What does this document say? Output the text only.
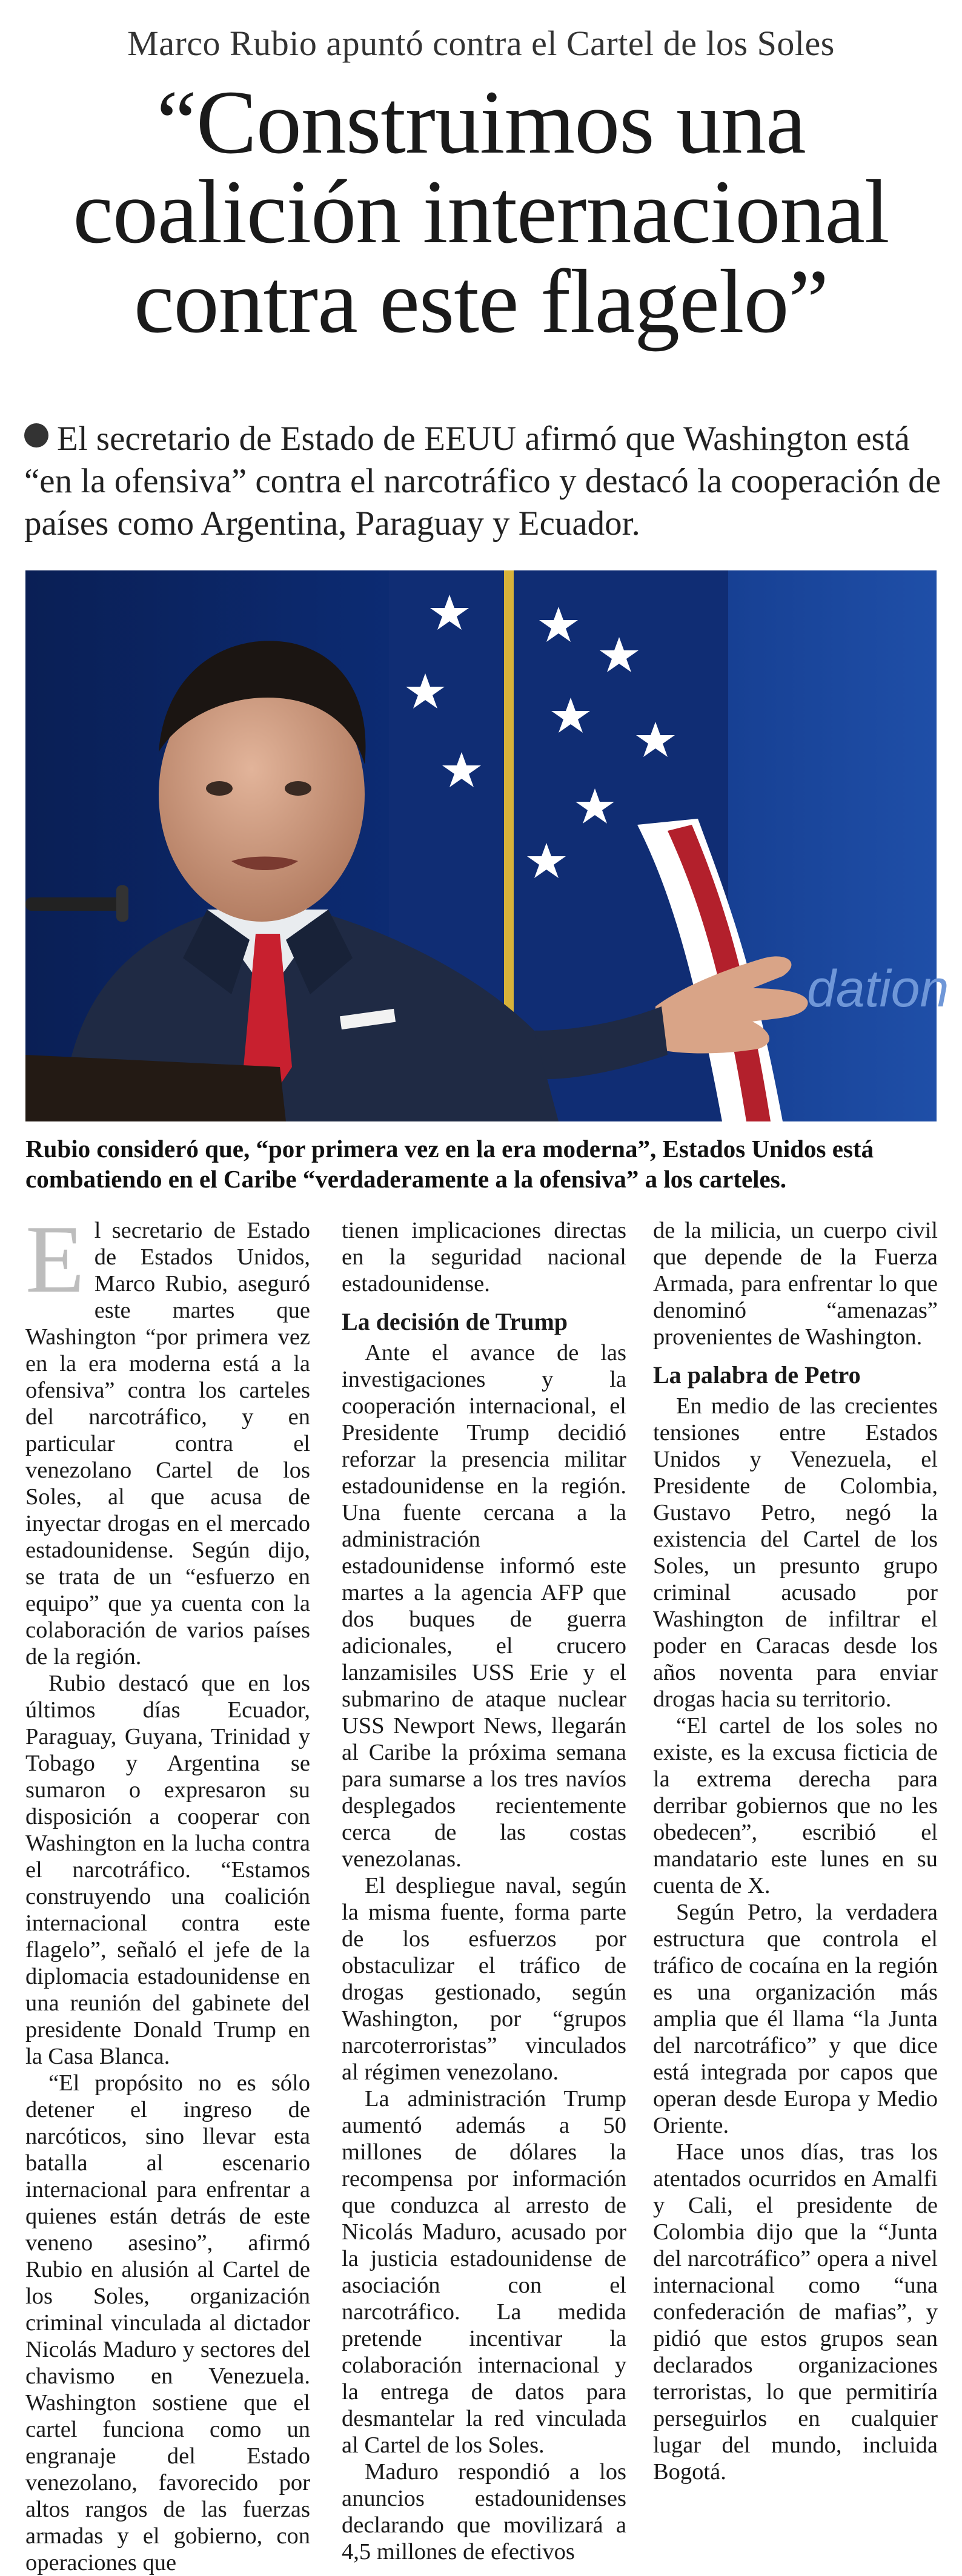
Marco Rubio apuntó contra el Cartel de los Soles
“Construimos una coalición internacional contra este flagelo”

El secretario de Estado de EEUU afirmó que Washington está “en la ofensiva” contra el narcotráfico y destacó la cooperación de países como Argentina, Paraguay y Ecuador.

dation

Rubio consideró que, “por primera vez en la era moderna”, Estados Unidos está combatiendo en el Caribe “verdaderamente a la ofensiva” a los carteles.

El secretario de Estado de Estados Unidos, Marco Rubio, aseguró este martes que Washington “por primera vez en la era moderna está a la ofensiva” contra los carteles del narcotráfico, y en particular contra el venezolano Cartel de los Soles, al que acusa de inyectar drogas en el mercado estadounidense. Según dijo, se trata de un “esfuerzo en equipo” que ya cuenta con la colaboración de varios países de la región.

Rubio destacó que en los últimos días Ecuador, Paraguay, Guyana, Trinidad y Tobago y Argentina se sumaron o expresaron su disposición a cooperar con Washington en la lucha contra el narcotráfico. “Estamos construyendo una coalición internacional contra este flagelo”, señaló el jefe de la diplomacia estadounidense en una reunión del gabinete del presidente Donald Trump en la Casa Blanca.

“El propósito no es sólo detener el ingreso de narcóticos, sino llevar esta batalla al escenario internacional para enfrentar a quienes están detrás de este veneno asesino”, afirmó Rubio en alusión al Cartel de los Soles, organización criminal vinculada al dictador Nicolás Maduro y sectores del chavismo en Venezuela. Washington sostiene que el cartel funciona como un engranaje del Estado venezolano, favorecido por altos rangos de las fuerzas armadas y el gobierno, con operaciones que

tienen implicaciones directas en la seguridad nacional estadounidense.

La decisión de Trump

Ante el avance de las investigaciones y la cooperación internacional, el Presidente Trump decidió reforzar la presencia militar estadounidense en la región. Una fuente cercana a la administración estadounidense informó este martes a la agencia AFP que dos buques de guerra adicionales, el crucero lanzamisiles USS Erie y el submarino de ataque nuclear USS Newport News, llegarán al Caribe la próxima semana para sumarse a los tres navíos desplegados recientemente cerca de las costas venezolanas.

El despliegue naval, según la misma fuente, forma parte de los esfuerzos por obstaculizar el tráfico de drogas gestionado, según Washington, por “grupos narcoterroristas” vinculados al régimen venezolano.

La administración Trump aumentó además a 50 millones de dólares la recompensa por información que conduzca al arresto de Nicolás Maduro, acusado por la justicia estadounidense de asociación con el narcotráfico. La medida pretende incentivar la colaboración internacional y la entrega de datos para desmantelar la red vinculada al Cartel de los Soles.

Maduro respondió a los anuncios estadounidenses declarando que movilizará a 4,5 millones de efectivos

de la milicia, un cuerpo civil que depende de la Fuerza Armada, para enfrentar lo que denominó “amenazas” provenientes de Washington.

La palabra de Petro

En medio de las crecientes tensiones entre Estados Unidos y Venezuela, el Presidente de Colombia, Gustavo Petro, negó la existencia del Cartel de los Soles, un presunto grupo criminal acusado por Washington de infiltrar el poder en Caracas desde los años noventa para enviar drogas hacia su territorio.

“El cartel de los soles no existe, es la excusa ficticia de la extrema derecha para derribar gobiernos que no les obedecen”, escribió el mandatario este lunes en su cuenta de X.

Según Petro, la verdadera estructura que controla el tráfico de cocaína en la región es una organización más amplia que él llama “la Junta del narcotráfico” y que dice está integrada por capos que operan desde Europa y Medio Oriente.

Hace unos días, tras los atentados ocurridos en Amalfi y Cali, el presidente de Colombia dijo que la “Junta del narcotráfico” opera a nivel internacional como “una confederación de mafias”, y pidió que estos grupos sean declarados organizaciones terroristas, lo que permitiría perseguirlos en cualquier lugar del mundo, incluida Bogotá.
